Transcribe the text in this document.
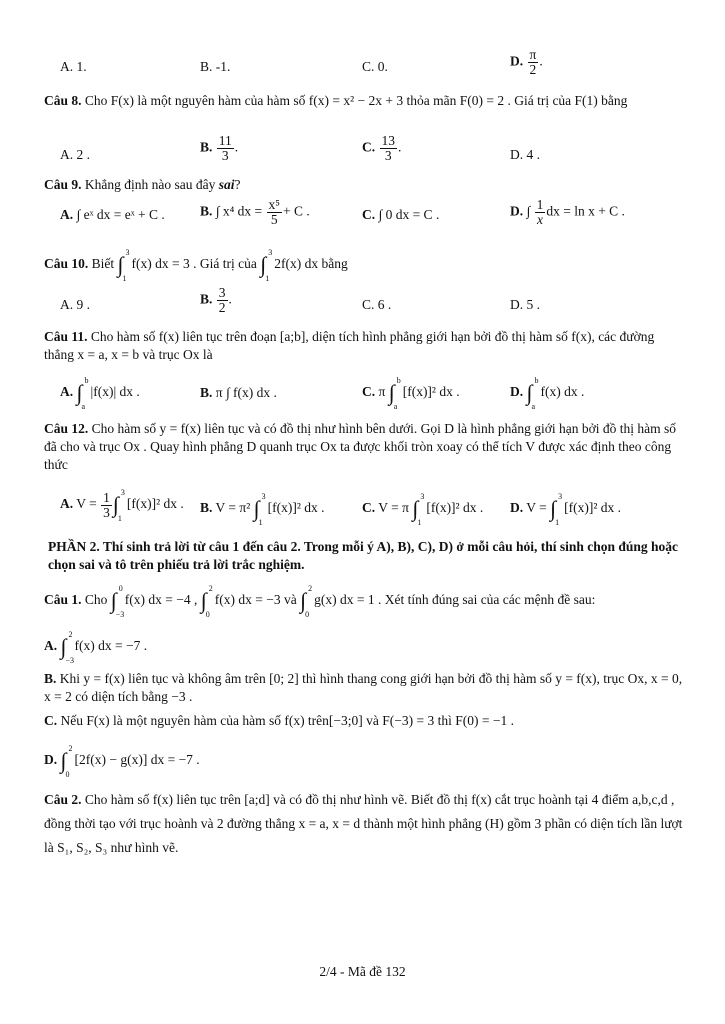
A. 1.	B. -1.	C. 0.	D. $\frac{\pi}{2}$ .
Câu 8. Cho F(x) là một nguyên hàm của hàm số f(x) = x² − 2x + 3 thỏa mãn F(0) = 2 . Giá trị của F(1) bằng
A. 2 .	B. $\frac{11}{3}$ .	C. $\frac{13}{3}$ .	D. 4 .
Câu 9. Khẳng định nào sau đây sai?
A. ∫ eˣ dx = eˣ + C .	B. ∫ x⁴ dx = $\frac{\text{x⁵}}{5} + C$ .	C. ∫ 0 dx = C .	D. ∫ $\frac{1}{x}$ dx = ln x + C .
Câu 10. Biết ∫ 3
1
f(x) dx = 3 . Giá trị của ∫ 3
1
2f(x) dx bằng
A. 9 .	B. $\frac{3}{2}$ .	C. 6 .	D. 5 .
Câu 11. Cho hàm số f(x) liên tục trên đoạn [a;b], diện tích hình phẳng giới hạn bởi đồ thị hàm số f(x), các đường thẳng x = a, x = b và trục Ox là
A. ∫ b
a
|f(x)| dx .	B. π ∫ f(x) dx .	C. π ∫ b
a
[f(x)]² dx .	D. ∫ b
a
f(x) dx .
Câu 12. Cho hàm số y = f(x) liên tục và có đồ thị như hình bên dưới. Gọi D là hình phẳng giới hạn bởi đồ thị hàm số đã cho và trục Ox . Quay hình phẳng D quanh trục Ox ta được khối tròn xoay có thể tích V được xác định theo công thức
A. $V = \frac{1}{3}$ ∫ 3
1
[f(x)]² dx . B. V = π² ∫ 3
1
[f(x)]² dx .	C. V = π ∫ 3
1
[f(x)]² dx . D. V = ∫ 3
1
[f(x)]² dx .
PHẦN 2. Thí sinh trả lời từ câu 1 đến câu 2. Trong mỗi ý A), B), C), D) ở mỗi câu hỏi, thí sinh chọn đúng hoặc chọn sai và tô trên phiếu trả lời trắc nghiệm.
Câu 1. Cho ∫ 0
−3
f(x) dx = −4 , ∫ 2
0
f(x) dx = −3 và ∫ 2
0
g(x) dx = 1 . Xét tính đúng sai của các mệnh đề sau:
A. ∫ 2
−3
f(x) dx = −7 .
B. Khi y = f(x) liên tục và không âm trên [0; 2] thì hình thang cong giới hạn bởi đồ thị hàm số y = f(x), trục Ox, x = 0, x = 2 có diện tích bằng −3 .
C. Nếu F(x) là một nguyên hàm của hàm số f(x) trên[−3;0] và F(−3) = 3 thì F(0) = −1 .
D. ∫ 2
0
[2f(x) − g(x)] dx = −7 .
Câu 2. Cho hàm số f(x) liên tục trên [a;d] và có đồ thị như hình vẽ. Biết đồ thị f(x) cắt trục hoành tại 4 điểm a,b,c,d , đồng thời tạo với trục hoành và 2 đường thẳng x = a, x = d thành một hình phẳng (H) gồm 3 phần có diện tích lần lượt là S₁, S₂, S₃ như hình vẽ.
2/4 - Mã đề 132
